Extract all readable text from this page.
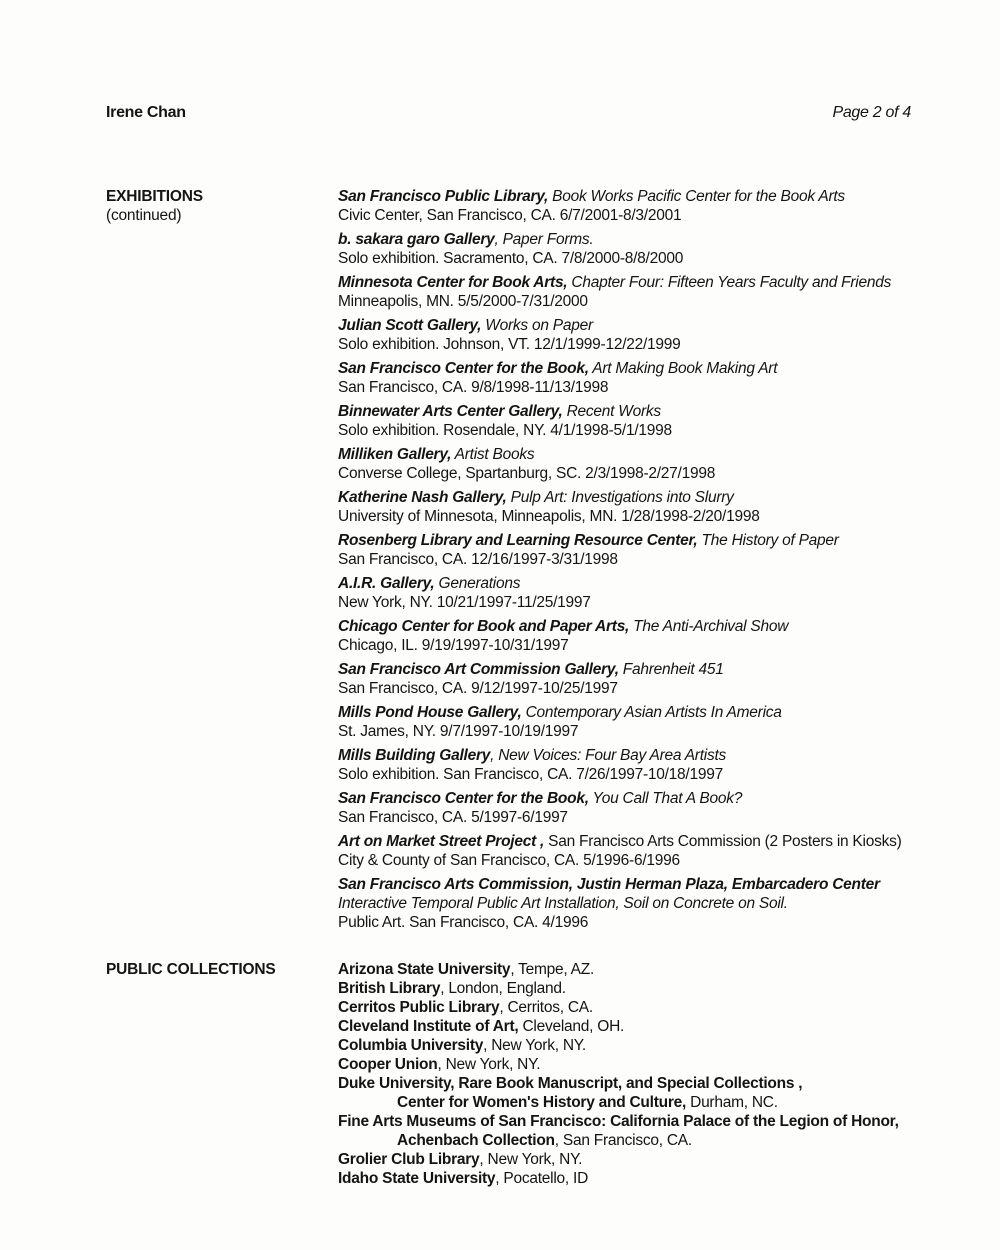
Irene Chan	Page 2 of 4
EXHIBITIONS
(continued)
San Francisco Public Library, Book Works Pacific Center for the Book Arts
Civic Center, San Francisco, CA. 6/7/2001-8/3/2001
b. sakara garo Gallery, Paper Forms.
Solo exhibition. Sacramento, CA. 7/8/2000-8/8/2000
Minnesota Center for Book Arts, Chapter Four: Fifteen Years Faculty and Friends
Minneapolis, MN. 5/5/2000-7/31/2000
Julian Scott Gallery, Works on Paper
Solo exhibition. Johnson, VT. 12/1/1999-12/22/1999
San Francisco Center for the Book, Art Making Book Making Art
San Francisco, CA. 9/8/1998-11/13/1998
Binnewater Arts Center Gallery, Recent Works
Solo exhibition. Rosendale, NY. 4/1/1998-5/1/1998
Milliken Gallery, Artist Books
Converse College, Spartanburg, SC. 2/3/1998-2/27/1998
Katherine Nash Gallery, Pulp Art: Investigations into Slurry
University of Minnesota, Minneapolis, MN. 1/28/1998-2/20/1998
Rosenberg Library and Learning Resource Center, The History of Paper
San Francisco, CA. 12/16/1997-3/31/1998
A.I.R. Gallery, Generations
New York, NY. 10/21/1997-11/25/1997
Chicago Center for Book and Paper Arts, The Anti-Archival Show
Chicago, IL. 9/19/1997-10/31/1997
San Francisco Art Commission Gallery, Fahrenheit 451
San Francisco, CA. 9/12/1997-10/25/1997
Mills Pond House Gallery, Contemporary Asian Artists In America
St. James, NY. 9/7/1997-10/19/1997
Mills Building Gallery, New Voices: Four Bay Area Artists
Solo exhibition. San Francisco, CA. 7/26/1997-10/18/1997
San Francisco Center for the Book, You Call That A Book?
San Francisco, CA. 5/1997-6/1997
Art on Market Street Project , San Francisco Arts Commission (2 Posters in Kiosks)
City & County of San Francisco, CA. 5/1996-6/1996
San Francisco Arts Commission, Justin Herman Plaza, Embarcadero Center
Interactive Temporal Public Art Installation, Soil on Concrete on Soil.
Public Art. San Francisco, CA. 4/1996
PUBLIC COLLECTIONS	Arizona State University, Tempe, AZ.
British Library, London, England.
Cerritos Public Library, Cerritos, CA.
Cleveland Institute of Art, Cleveland, OH.
Columbia University, New York, NY.
Cooper Union, New York, NY.
Duke University, Rare Book Manuscript, and Special Collections ,
Center for Women's History and Culture, Durham, NC.
Fine Arts Museums of San Francisco: California Palace of the Legion of Honor,
Achenbach Collection, San Francisco, CA.
Grolier Club Library, New York, NY.
Idaho State University, Pocatello, ID
